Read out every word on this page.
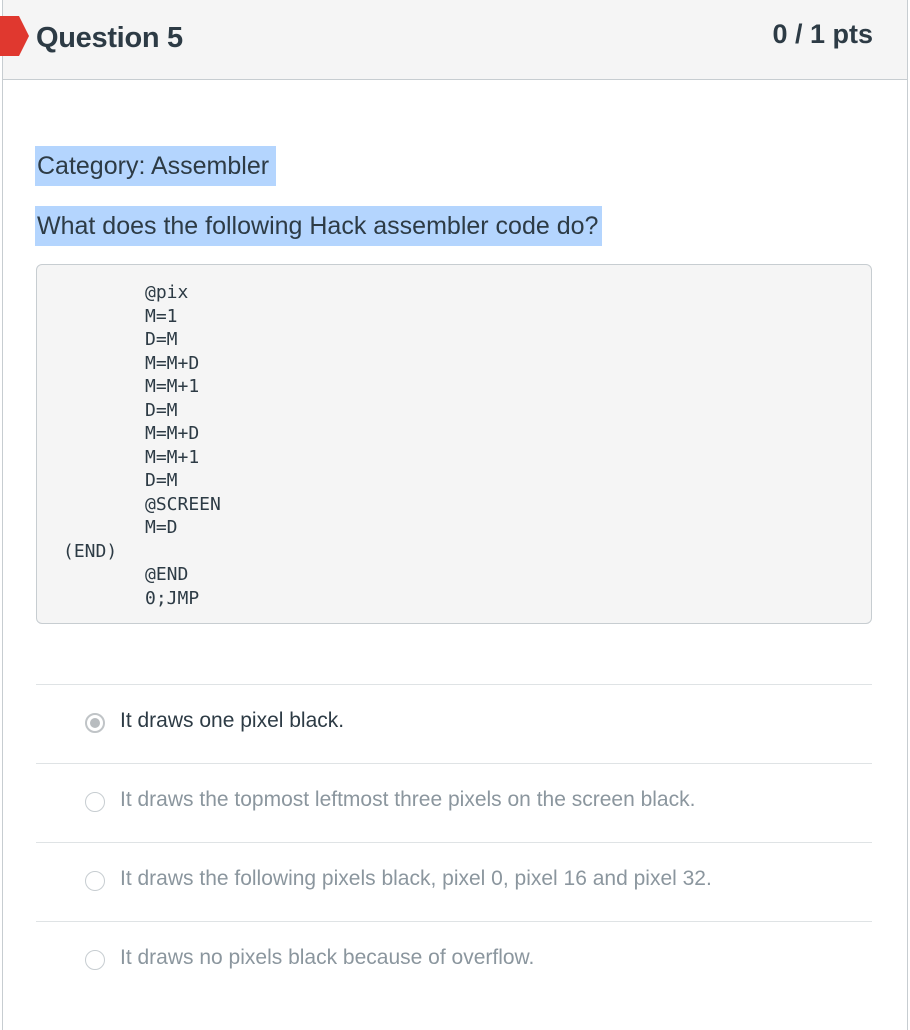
Question 5	0 / 1 pts
Category: Assembler
What does the following Hack assembler code do?
@pix
M=1
D=M
M=M+D
M=M+1
D=M
M=M+D
M=M+1
D=M
@SCREEN
M=D
(END)
@END
0;JMP
It draws one pixel black.
It draws the topmost leftmost three pixels on the screen black.
It draws the following pixels black, pixel 0, pixel 16 and pixel 32.
It draws no pixels black because of overflow.
